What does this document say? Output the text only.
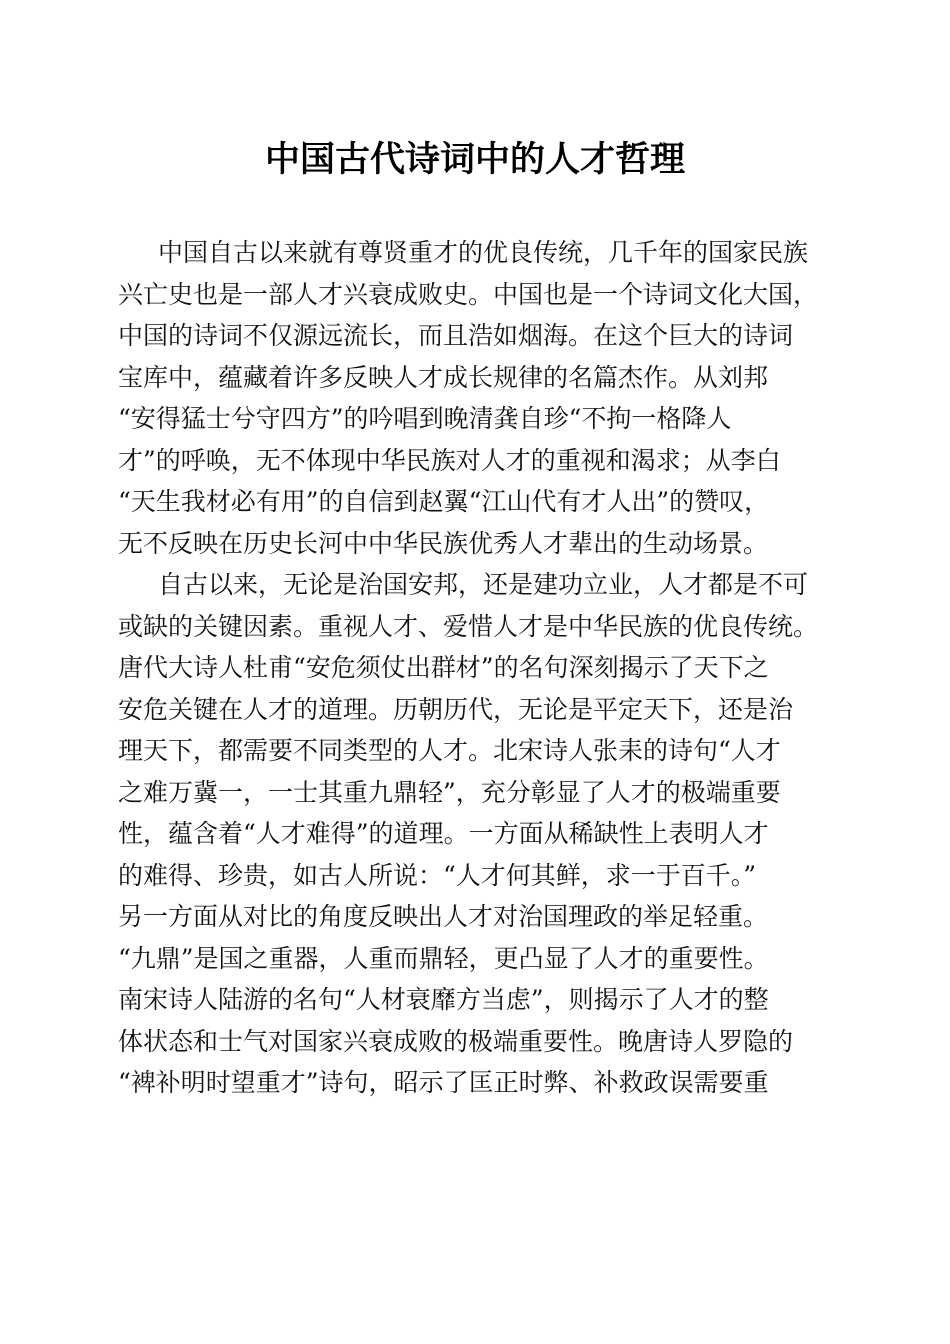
中国古代诗词中的人才哲理
中国自古以来就有尊贤重才的优良传统，几千年的国家民族
兴亡史也是一部人才兴衰成败史。中国也是一个诗词文化大国，
中国的诗词不仅源远流长，而且浩如烟海。在这个巨大的诗词
宝库中，蕴藏着许多反映人才成长规律的名篇杰作。从刘邦
“安得猛士兮守四方”的吟唱到晚清龚自珍“不拘一格降人
才”的呼唤，无不体现中华民族对人才的重视和渴求；从李白
“天生我材必有用”的自信到赵翼“江山代有才人出”的赞叹，
无不反映在历史长河中中华民族优秀人才辈出的生动场景。
自古以来，无论是治国安邦，还是建功立业，人才都是不可
或缺的关键因素。重视人才、爱惜人才是中华民族的优良传统。
唐代大诗人杜甫“安危须仗出群材”的名句深刻揭示了天下之
安危关键在人才的道理。历朝历代，无论是平定天下，还是治
理天下，都需要不同类型的人才。北宋诗人张耒的诗句“人才
之难万冀一，一士其重九鼎轻”，充分彰显了人才的极端重要
性，蕴含着“人才难得”的道理。一方面从稀缺性上表明人才
的难得、珍贵，如古人所说：“人才何其鲜，求一于百千。”
另一方面从对比的角度反映出人才对治国理政的举足轻重。
“九鼎”是国之重器，人重而鼎轻，更凸显了人才的重要性。
南宋诗人陆游的名句“人材衰靡方当虑”，则揭示了人才的整
体状态和士气对国家兴衰成败的极端重要性。晚唐诗人罗隐的
“裨补明时望重才”诗句，昭示了匡正时弊、补救政误需要重
